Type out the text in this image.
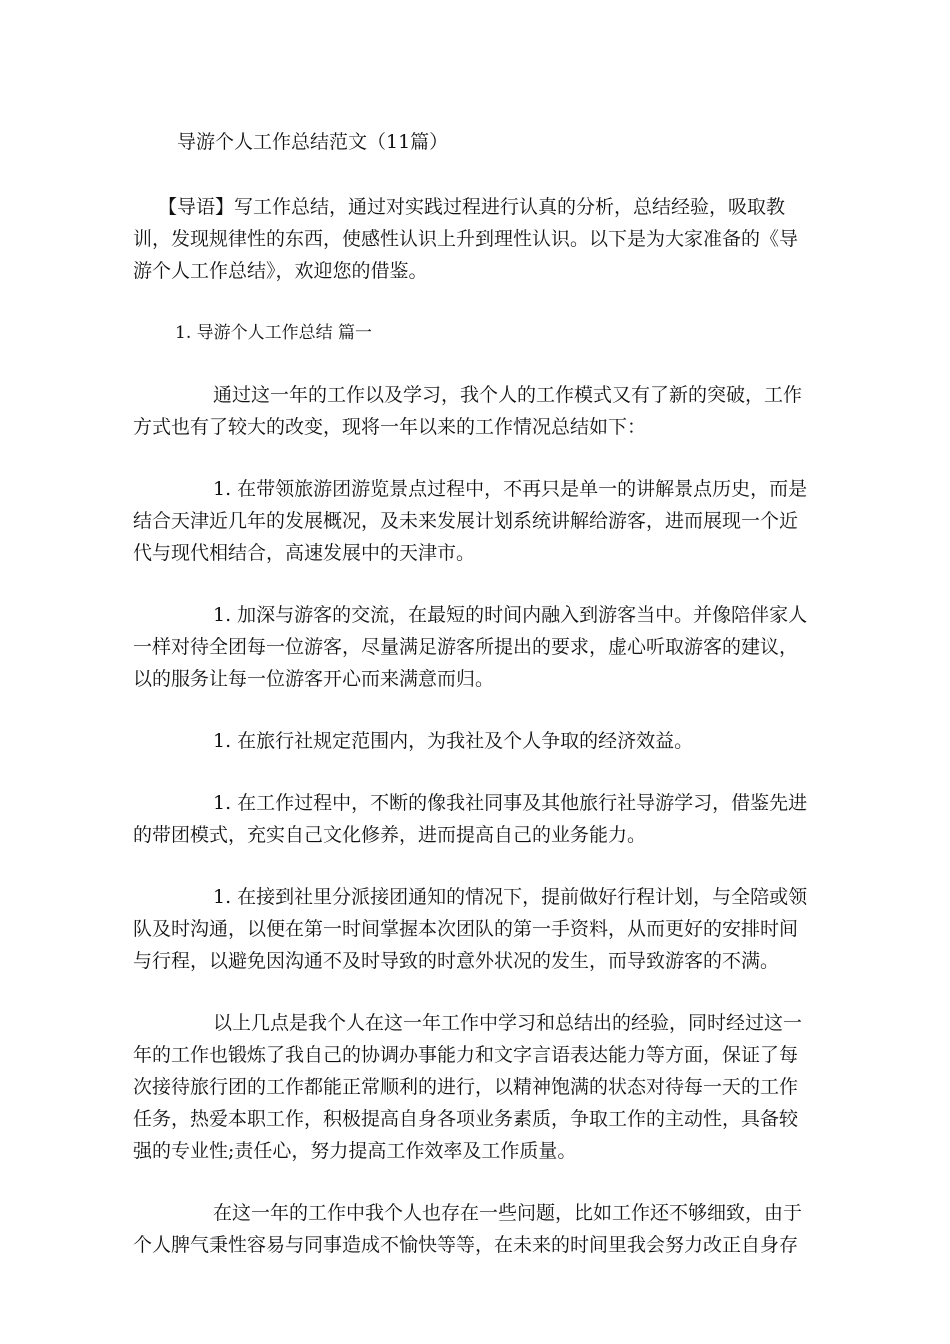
导游个人工作总结范文（11篇）

【导语】写工作总结，通过对实践过程进行认真的分析，总结经验，吸取教训，发现规律性的东西，使感性认识上升到理性认识。以下是为大家准备的《导游个人工作总结》，欢迎您的借鉴。

1. 导游个人工作总结 篇一

通过这一年的工作以及学习，我个人的工作模式又有了新的突破，工作方式也有了较大的改变，现将一年以来的工作情况总结如下：

1. 在带领旅游团游览景点过程中，不再只是单一的讲解景点历史，而是结合天津近几年的发展概况，及未来发展计划系统讲解给游客，进而展现一个近代与现代相结合，高速发展中的天津市。

1. 加深与游客的交流，在最短的时间内融入到游客当中。并像陪伴家人一样对待全团每一位游客，尽量满足游客所提出的要求，虚心听取游客的建议，以的服务让每一位游客开心而来满意而归。

1. 在旅行社规定范围内，为我社及个人争取的经济效益。

1. 在工作过程中，不断的像我社同事及其他旅行社导游学习，借鉴先进的带团模式，充实自己文化修养，进而提高自己的业务能力。

1. 在接到社里分派接团通知的情况下，提前做好行程计划，与全陪或领队及时沟通，以便在第一时间掌握本次团队的第一手资料，从而更好的安排时间与行程，以避免因沟通不及时导致的时意外状况的发生，而导致游客的不满。

以上几点是我个人在这一年工作中学习和总结出的经验，同时经过这一年的工作也锻炼了我自己的协调办事能力和文字言语表达能力等方面，保证了每次接待旅行团的工作都能正常顺利的进行，以精神饱满的状态对待每一天的工作任务，热爱本职工作，积极提高自身各项业务素质，争取工作的主动性，具备较强的专业性;责任心，努力提高工作效率及工作质量。

在这一年的工作中我个人也存在一些问题，比如工作还不够细致，由于个人脾气秉性容易与同事造成不愉快等等，在未来的时间里我会努力改正自身存
